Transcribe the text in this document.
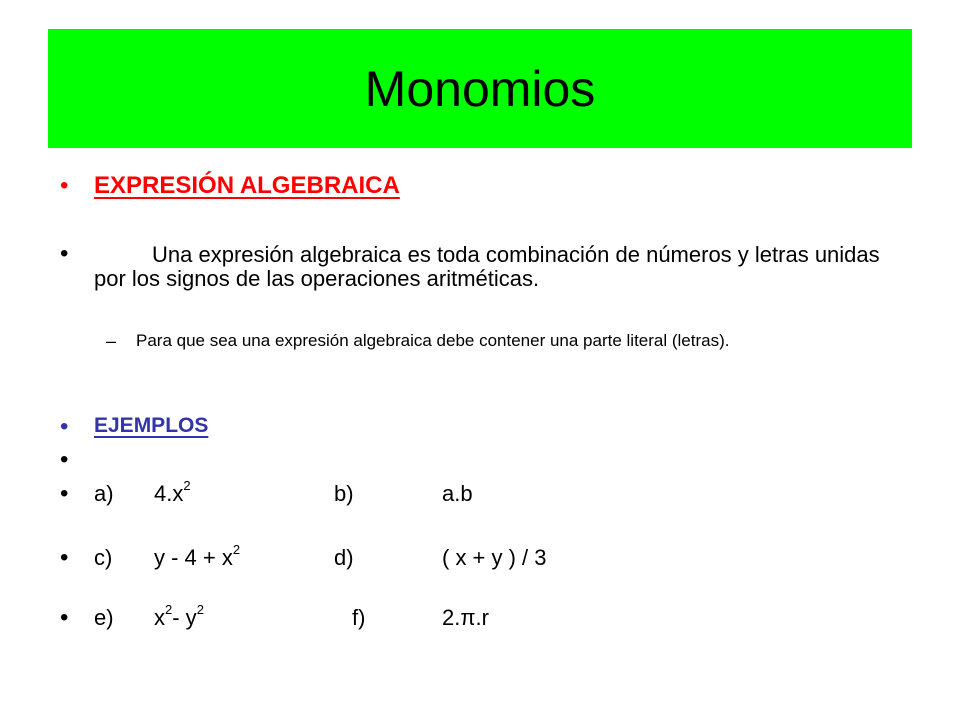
Monomios
• EXPRESIÓN ALGEBRAICA
•	Una expresión algebraica es toda combinación de números y letras unidas por los signos de las operaciones aritméticas.
– Para que sea una expresión algebraica debe contener una parte literal (letras).
• EJEMPLOS
•
• a) $4.x^2$	b)	a.b
• c) $y - 4 + x^2$	d)	( x + y ) / 3
• e) $x^2-$ $y^2$	f)	2.π.r
